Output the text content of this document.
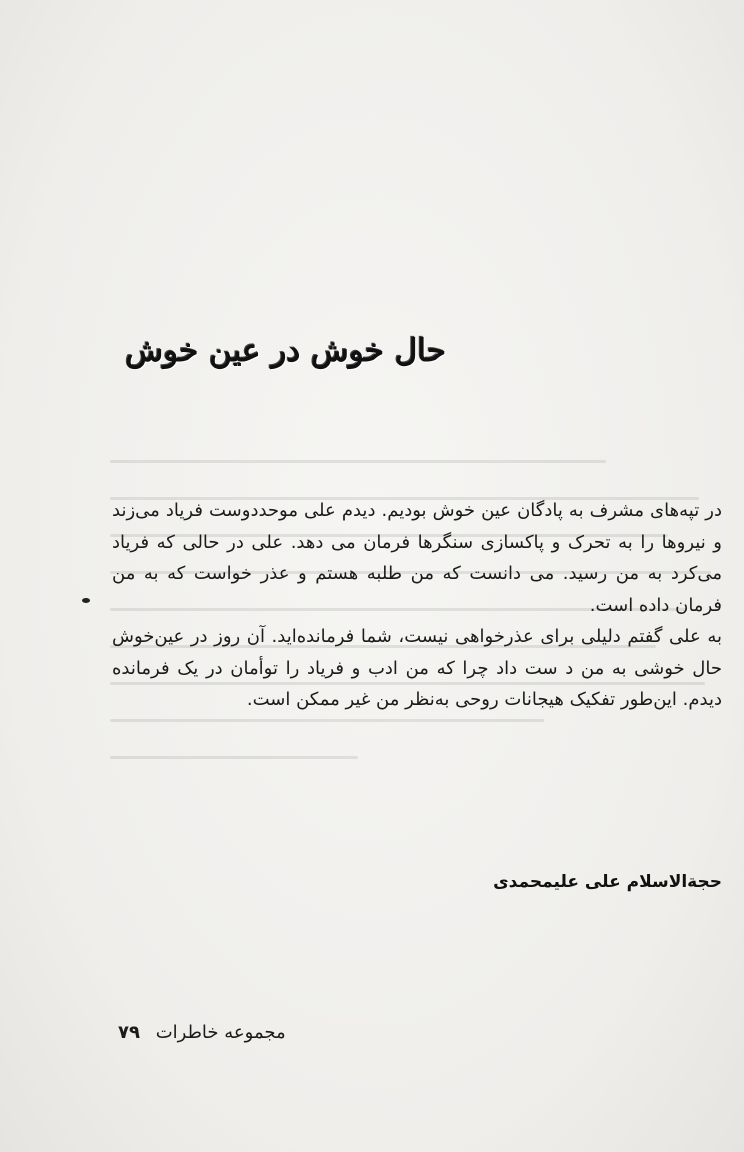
حال خوش در عین خوش

در تپه‌های مشرف به پادگان عین خوش بودیم. دیدم علی موحددوست فریاد می‌زند و نیروها را به تحرک و پاکسازی سنگرها فرمان می دهد. علی در حالی که فریاد می‌کرد به من رسید. می دانست که من طلبه هستم و عذر خواست که به من فرمان داده است.

به علی گفتم دلیلی برای عذرخواهی نیست، شما فرمانده‌اید. آن روز در عین‌خوش حال خوشی به من د ست داد چرا که من ادب و فریاد را توأمان در یک فرمانده دیدم. این‌طور تفکیک هیجانات روحی به‌نظر من غیر ممکن است.

حجة‌الاسلام علی علیمحمدی
مجموعه خاطرات ۷۹
